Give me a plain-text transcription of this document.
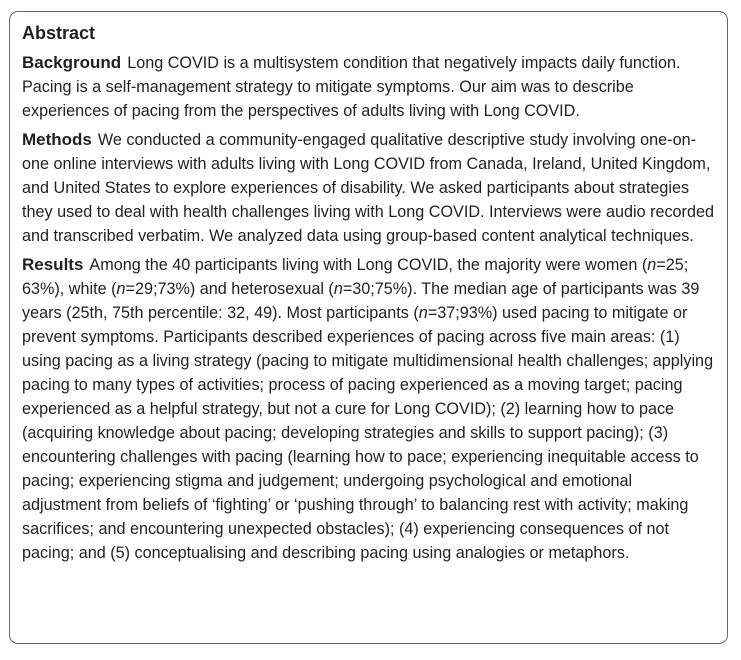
Abstract

Background Long COVID is a multisystem condition that negatively impacts daily function. Pacing is a self-management strategy to mitigate symptoms. Our aim was to describe experiences of pacing from the perspectives of adults living with Long COVID.

Methods We conducted a community-engaged qualitative descriptive study involving one-on-one online interviews with adults living with Long COVID from Canada, Ireland, United Kingdom, and United States to explore experiences of disability. We asked participants about strategies they used to deal with health challenges living with Long COVID. Interviews were audio recorded and transcribed verbatim. We analyzed data using group-based content analytical techniques.

Results Among the 40 participants living with Long COVID, the majority were women (n=25; 63%), white (n=29;73%) and heterosexual (n=30;75%). The median age of participants was 39 years (25th, 75th percentile: 32, 49). Most participants (n=37;93%) used pacing to mitigate or prevent symptoms. Participants described experiences of pacing across five main areas: (1) using pacing as a living strategy (pacing to mitigate multidimensional health challenges; applying pacing to many types of activities; process of pacing experienced as a moving target; pacing experienced as a helpful strategy, but not a cure for Long COVID); (2) learning how to pace (acquiring knowledge about pacing; developing strategies and skills to support pacing); (3) encountering challenges with pacing (learning how to pace; experiencing inequitable access to pacing; experiencing stigma and judgement; undergoing psychological and emotional adjustment from beliefs of ‘fighting’ or ‘pushing through’ to balancing rest with activity; making sacrifices; and encountering unexpected obstacles); (4) experiencing consequences of not pacing; and (5) conceptualising and describing pacing using analogies or metaphors.
